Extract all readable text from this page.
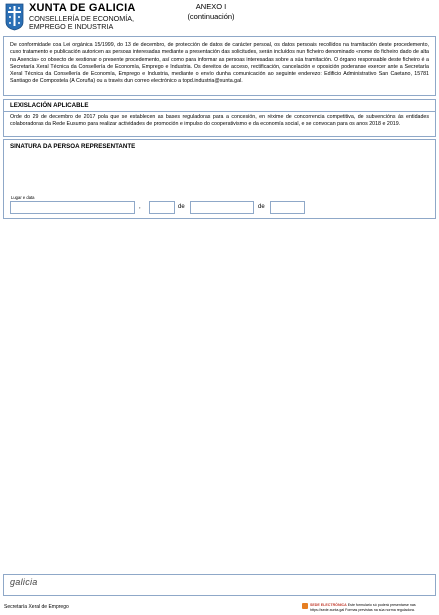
XUNTA DE GALICIA
CONSELLERÍA DE ECONOMÍA,
EMPREGO E INDUSTRIA
ANEXO I
(continuación)
De conformidade coa Lei orgánica 15/1999, do 13 de decembro, de protección de datos de carácter persoal, os datos persoais recollidos na tramitación deste procedemento, cuxo tratamento e publicación autoricen as persoas interesadas mediante a presentación das solicitudes, serán incluídos nun ficheiro denominado «nome do ficheiro dado de alta na Axencia» co obxecto de xestionar o presente procedemento, así como para informar as persoas interesadas sobre a súa tramitación. O órgano responsable deste ficheiro é a Secretaría Xeral Técnica da Consellería de Economía, Emprego e Industria. Os dereitos de acceso, rectificación, cancelación e oposición poderanse exercer ante a Secretaría Xeral Técnica da Consellería de Economía, Emprego e Industria, mediante o envío dunha comunicación ao seguinte enderezo: Edificio Administrativo San Caetano, 15781 Santiago de Compostela (A Coruña) ou a través dun correo electrónico a topd.industria@xunta.gal.
LEXISLACIÓN APLICABLE
Orde do 29 de decembro de 2017 pola que se establecen as bases reguladoras para a concesión, en réxime de concorrencia competitiva, de subvencións ás entidades colaboradoras da Rede Eusumo para realizar actividades de promoción e impulso do cooperativismo e da economía social, e se convocan para os anos 2018 e 2019.
SINATURA DA PERSOA REPRESENTANTE
Lugar e data
,	de	de
galicia
Secretaría Xeral de Emprego	SEDE ELECTRÓNICA Este formulario só poderá presentarse nas
https://sede.xunta.gal Formas previstas na súa norma reguladora.
